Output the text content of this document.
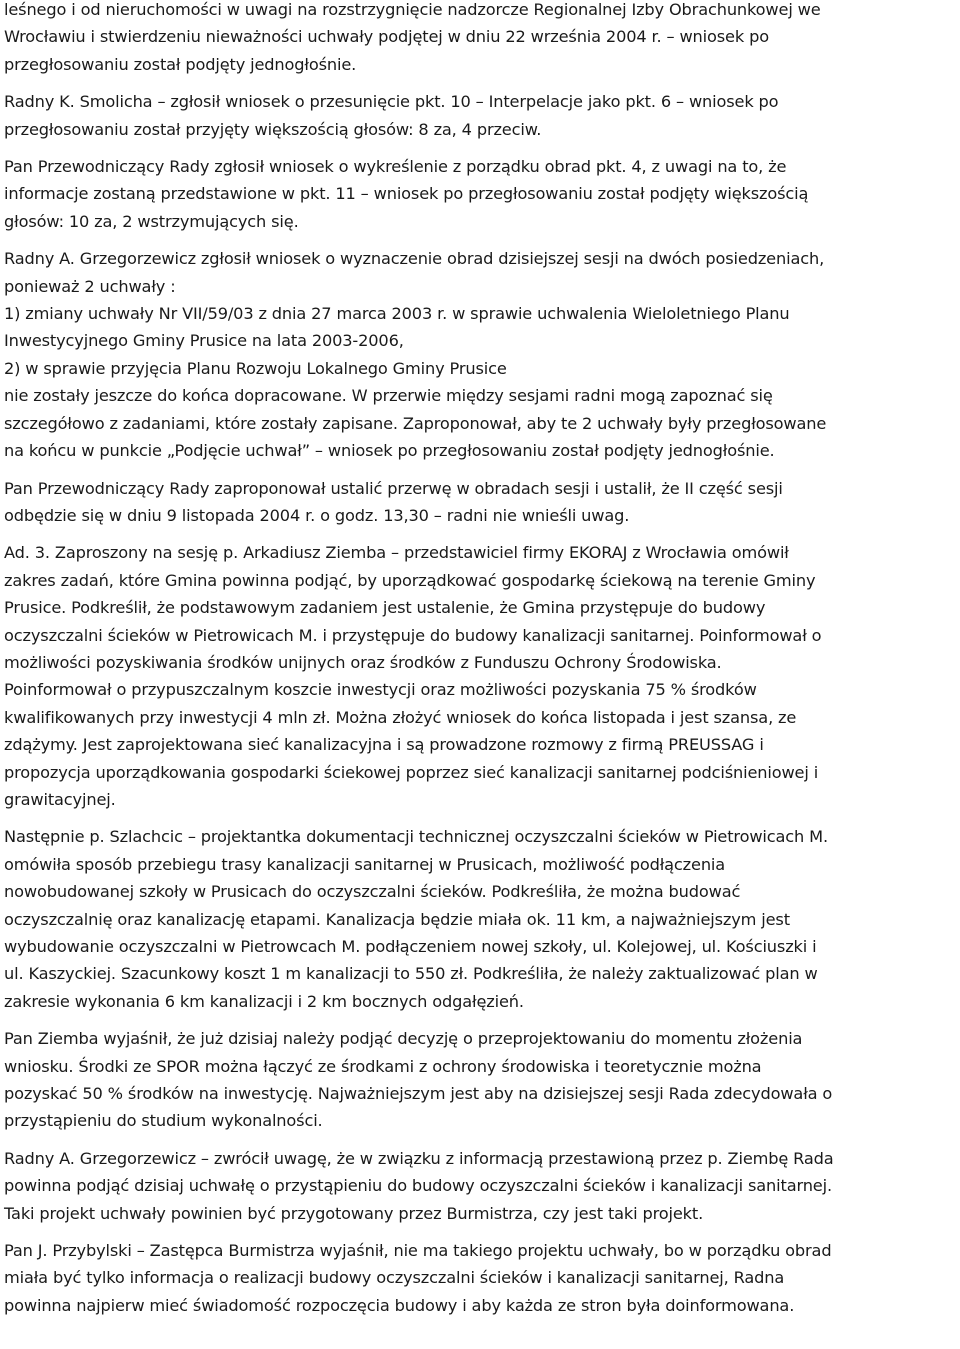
leśnego i od nieruchomości w uwagi na rozstrzygnięcie nadzorcze Regionalnej Izby Obrachunkowej we
Wrocławiu i stwierdzeniu nieważności uchwały podjętej w dniu 22 września 2004 r. – wniosek po
przegłosowaniu został podjęty jednogłośnie.
Radny K. Smolicha – zgłosił wniosek o przesunięcie pkt. 10 – Interpelacje jako pkt. 6 – wniosek po
przegłosowaniu został przyjęty większością głosów: 8 za, 4 przeciw.
Pan Przewodniczący Rady zgłosił wniosek o wykreślenie z porządku obrad pkt. 4, z uwagi na to, że
informacje zostaną przedstawione w pkt. 11 – wniosek po przegłosowaniu został podjęty większością
głosów: 10 za, 2 wstrzymujących się.
Radny A. Grzegorzewicz zgłosił wniosek o wyznaczenie obrad dzisiejszej sesji na dwóch posiedzeniach,
ponieważ 2 uchwały :
1) zmiany uchwały Nr VII/59/03 z dnia 27 marca 2003 r. w sprawie uchwalenia Wieloletniego Planu
Inwestycyjnego Gminy Prusice na lata 2003-2006,
2) w sprawie przyjęcia Planu Rozwoju Lokalnego Gminy Prusice
nie zostały jeszcze do końca dopracowane. W przerwie między sesjami radni mogą zapoznać się
szczegółowo z zadaniami, które zostały zapisane. Zaproponował, aby te 2 uchwały były przegłosowane
na końcu w punkcie „Podjęcie uchwał” – wniosek po przegłosowaniu został podjęty jednogłośnie.
Pan Przewodniczący Rady zaproponował ustalić przerwę w obradach sesji i ustalił, że II część sesji
odbędzie się w dniu 9 listopada 2004 r. o godz. 13,30 – radni nie wnieśli uwag.
Ad. 3. Zaproszony na sesję p. Arkadiusz Ziemba – przedstawiciel firmy EKORAJ z Wrocławia omówił
zakres zadań, które Gmina powinna podjąć, by uporządkować gospodarkę ściekową na terenie Gminy
Prusice. Podkreślił, że podstawowym zadaniem jest ustalenie, że Gmina przystępuje do budowy
oczyszczalni ścieków w Pietrowicach M. i przystępuje do budowy kanalizacji sanitarnej. Poinformował o
możliwości pozyskiwania środków unijnych oraz środków z Funduszu Ochrony Środowiska.
Poinformował o przypuszczalnym koszcie inwestycji oraz możliwości pozyskania 75 % środków
kwalifikowanych przy inwestycji 4 mln zł. Można złożyć wniosek do końca listopada i jest szansa, ze
zdążymy. Jest zaprojektowana sieć kanalizacyjna i są prowadzone rozmowy z firmą PREUSSAG i
propozycja uporządkowania gospodarki ściekowej poprzez sieć kanalizacji sanitarnej podciśnieniowej i
grawitacyjnej.
Następnie p. Szlachcic – projektantka dokumentacji technicznej oczyszczalni ścieków w Pietrowicach M.
omówiła sposób przebiegu trasy kanalizacji sanitarnej w Prusicach, możliwość podłączenia
nowobudowanej szkoły w Prusicach do oczyszczalni ścieków. Podkreśliła, że można budować
oczyszczalnię oraz kanalizację etapami. Kanalizacja będzie miała ok. 11 km, a najważniejszym jest
wybudowanie oczyszczalni w Pietrowcach M. podłączeniem nowej szkoły, ul. Kolejowej, ul. Kościuszki i
ul. Kaszyckiej. Szacunkowy koszt 1 m kanalizacji to 550 zł. Podkreśliła, że należy zaktualizować plan w
zakresie wykonania 6 km kanalizacji i 2 km bocznych odgałęzień.
Pan Ziemba wyjaśnił, że już dzisiaj należy podjąć decyzję o przeprojektowaniu do momentu złożenia
wniosku. Środki ze SPOR można łączyć ze środkami z ochrony środowiska i teoretycznie można
pozyskać 50 % środków na inwestycję. Najważniejszym jest aby na dzisiejszej sesji Rada zdecydowała o
przystąpieniu do studium wykonalności.
Radny A. Grzegorzewicz – zwrócił uwagę, że w związku z informacją przestawioną przez p. Ziembę Rada
powinna podjąć dzisiaj uchwałę o przystąpieniu do budowy oczyszczalni ścieków i kanalizacji sanitarnej.
Taki projekt uchwały powinien być przygotowany przez Burmistrza, czy jest taki projekt.
Pan J. Przybylski – Zastępca Burmistrza wyjaśnił, nie ma takiego projektu uchwały, bo w porządku obrad
miała być tylko informacja o realizacji budowy oczyszczalni ścieków i kanalizacji sanitarnej, Radna
powinna najpierw mieć świadomość rozpoczęcia budowy i aby każda ze stron była doinformowana.
